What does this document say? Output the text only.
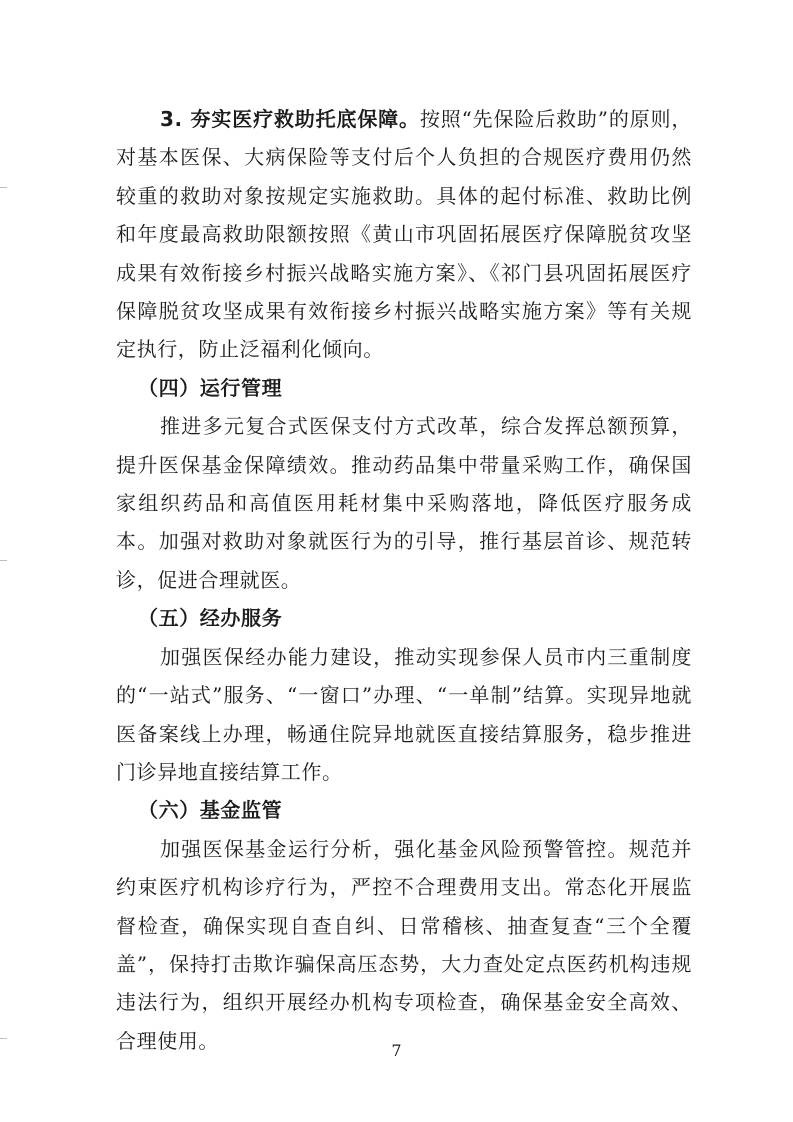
3. 夯实医疗救助托底保障。按照“先保险后救助”的原则，对基本医保、大病保险等支付后个人负担的合规医疗费用仍然较重的救助对象按规定实施救助。具体的起付标准、救助比例和年度最高救助限额按照《黄山市巩固拓展医疗保障脱贫攻坚成果有效衔接乡村振兴战略实施方案》、《祁门县巩固拓展医疗保障脱贫攻坚成果有效衔接乡村振兴战略实施方案》等有关规定执行，防止泛福利化倾向。

（四）运行管理

推进多元复合式医保支付方式改革，综合发挥总额预算，提升医保基金保障绩效。推动药品集中带量采购工作，确保国家组织药品和高值医用耗材集中采购落地，降低医疗服务成本。加强对救助对象就医行为的引导，推行基层首诊、规范转诊，促进合理就医。

（五）经办服务

加强医保经办能力建设，推动实现参保人员市内三重制度的“一站式”服务、“一窗口”办理、“一单制”结算。实现异地就医备案线上办理，畅通住院异地就医直接结算服务，稳步推进门诊异地直接结算工作。

（六）基金监管

加强医保基金运行分析，强化基金风险预警管控。规范并约束医疗机构诊疗行为，严控不合理费用支出。常态化开展监督检查，确保实现自查自纠、日常稽核、抽查复查“三个全覆盖”，保持打击欺诈骗保高压态势，大力查处定点医药机构违规违法行为，组织开展经办机构专项检查，确保基金安全高效、合理使用。	7
